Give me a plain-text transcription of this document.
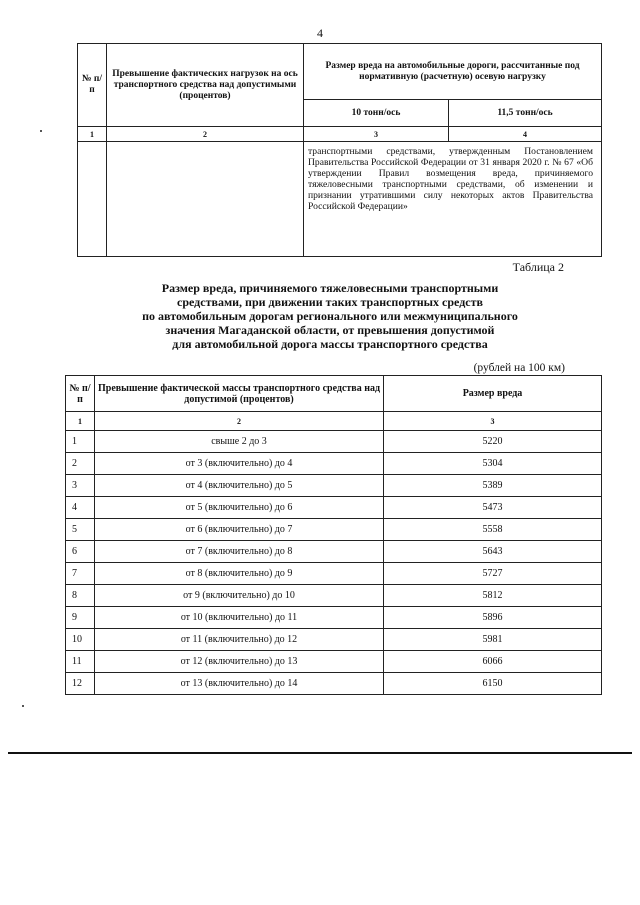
4
№ п/п	Превышение фактических нагрузок на ось транспортного средства над допустимыми (процентов)	Размер вреда на автомобильные дороги, рассчитанные под нормативную (расчетную) осевую нагрузку	
		10 тонн/ось	11,5 тонн/ось
1	2	3	4

		транспортными средствами, утвержденным Постановлением Правительства Российской Федерации от 31 января 2020 г. № 67 «Об утверждении Правил возмещения вреда, причиняемого тяжеловесными транспортными средствами, об изменении и признании утратившими силу некоторых актов Правительства Российской Федерации»	
Таблица 2
Размер вреда, причиняемого тяжеловесными транспортными
средствами, при движении таких транспортных средств
по автомобильным дорогам регионального или межмуниципального
значения Магаданской области, от превышения допустимой
для автомобильной дорога массы транспортного средства
(рублей на 100 км)
№ п/п	Превышение фактической массы транспортного средства над допустимой (процентов)	Размер вреда
1	2	3
1	свыше 2 до 3	5220
2	от 3 (включительно) до 4	5304
3	от 4 (включительно) до 5	5389
4	от 5 (включительно) до 6	5473
5	от 6 (включительно) до 7	5558
6	от 7 (включительно) до 8	5643
7	от 8 (включительно) до 9	5727
8	от 9 (включительно) до 10	5812
9	от 10 (включительно) до 11	5896
10	от 11 (включительно) до 12	5981
11	от 12 (включительно) до 13	6066
12	от 13 (включительно) до 14	6150
